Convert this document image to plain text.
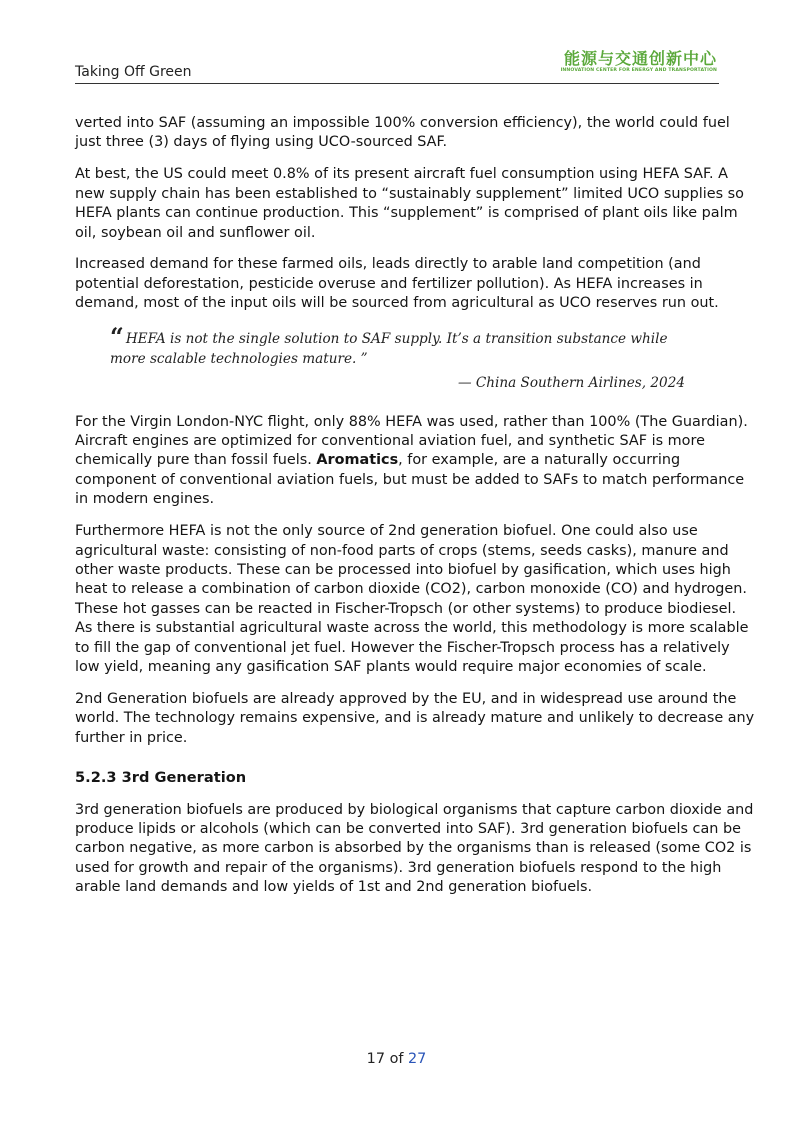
Taking Off Green
能源与交通创新中心
INNOVATION CENTER FOR ENERGY AND TRANSPORTATION

verted into SAF (assuming an impossible 100% conversion efficiency), the world could fuel just three (3) days of flying using UCO-sourced SAF.

At best, the US could meet 0.8% of its present aircraft fuel consumption using HEFA SAF. A new supply chain has been established to “sustainably supplement” limited UCO supplies so HEFA plants can continue production. This “supplement” is comprised of plant oils like palm oil, soybean oil and sunflower oil.

Increased demand for these farmed oils, leads directly to arable land competition (and potential deforestation, pesticide overuse and fertilizer pollution). As HEFA increases in demand, most of the input oils will be sourced from agricultural as UCO reserves run out.

“ HEFA is not the single solution to SAF supply. It’s a transition substance while more scalable technologies mature. ”
— China Southern Airlines, 2024

For the Virgin London-NYC flight, only 88% HEFA was used, rather than 100% (The Guardian). Aircraft engines are optimized for conventional aviation fuel, and synthetic SAF is more chemically pure than fossil fuels. Aromatics, for example, are a naturally occurring component of conventional aviation fuels, but must be added to SAFs to match performance in modern engines.

Furthermore HEFA is not the only source of 2nd generation biofuel. One could also use agricultural waste: consisting of non-food parts of crops (stems, seeds casks), manure and other waste products. These can be processed into biofuel by gasification, which uses high heat to release a combination of carbon dioxide (CO2), carbon monoxide (CO) and hydrogen. These hot gasses can be reacted in Fischer-Tropsch (or other systems) to produce biodiesel. As there is substantial agricultural waste across the world, this methodology is more scalable to fill the gap of conventional jet fuel. However the Fischer-Tropsch process has a relatively low yield, meaning any gasification SAF plants would require major economies of scale.

2nd Generation biofuels are already approved by the EU, and in widespread use around the world. The technology remains expensive, and is already mature and unlikely to decrease any further in price.

5.2.3 3rd Generation

3rd generation biofuels are produced by biological organisms that capture carbon dioxide and produce lipids or alcohols (which can be converted into SAF). 3rd generation biofuels can be carbon negative, as more carbon is absorbed by the organisms than is released (some CO2 is used for growth and repair of the organisms). 3rd generation biofuels respond to the high arable land demands and low yields of 1st and 2nd generation biofuels.

17 of 27
